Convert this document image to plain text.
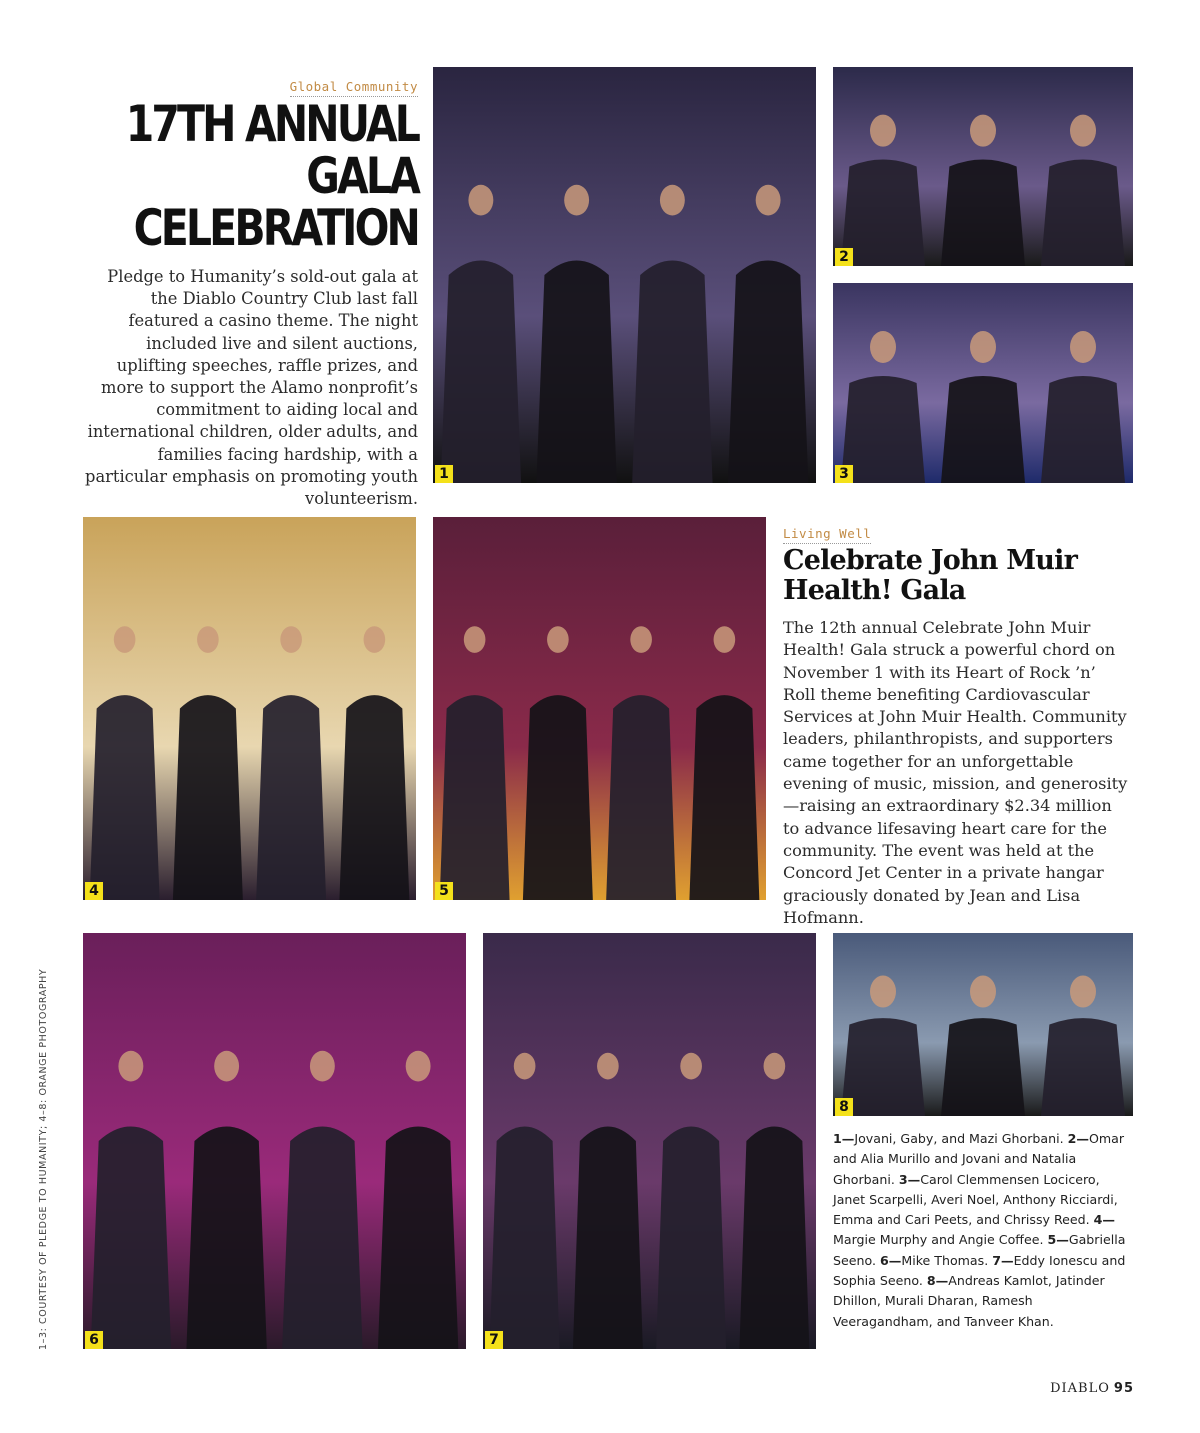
Global Community
17TH ANNUAL
GALA
CELEBRATION
Pledge to Humanity’s sold-out gala at the Diablo Country Club last fall featured a casino theme. The night included live and silent auctions, uplifting speeches, raffle prizes, and more to support the Alamo nonprofit’s commitment to aiding local and international children, older adults, and families facing hardship, with a particular emphasis on promoting youth volunteerism.
Living Well
Celebrate John Muir Health! Gala
The 12th annual Celebrate John Muir Health! Gala struck a powerful chord on November 1 with its Heart of Rock ’n’ Roll theme benefiting Cardiovascular Services at John Muir Health. Community leaders, philanthropists, and supporters came together for an unforgettable evening of music, mission, and generosity—raising an extraordinary $2.34 million to advance lifesaving heart care for the community. The event was held at the Concord Jet Center in a private hangar graciously donated by Jean and Lisa Hofmann.
1
2
3
4	5
6	7
8
1—Jovani, Gaby, and Mazi Ghorbani. 2—Omar and Alia Murillo and Jovani and Natalia Ghorbani. 3—Carol Clemmensen Locicero, Janet Scarpelli, Averi Noel, Anthony Ricciardi, Emma and Cari Peets, and Chrissy Reed. 4—Margie Murphy and Angie Coffee. 5—Gabriella Seeno. 6—Mike Thomas. 7—Eddy Ionescu and Sophia Seeno. 8—Andreas Kamlot, Jatinder Dhillon, Murali Dharan, Ramesh Veeragandham, and Tanveer Khan.
1–3: COURTESY OF PLEDGE TO HUMANITY; 4–8: ORANGE PHOTOGRAPHY
DIABLO 95
